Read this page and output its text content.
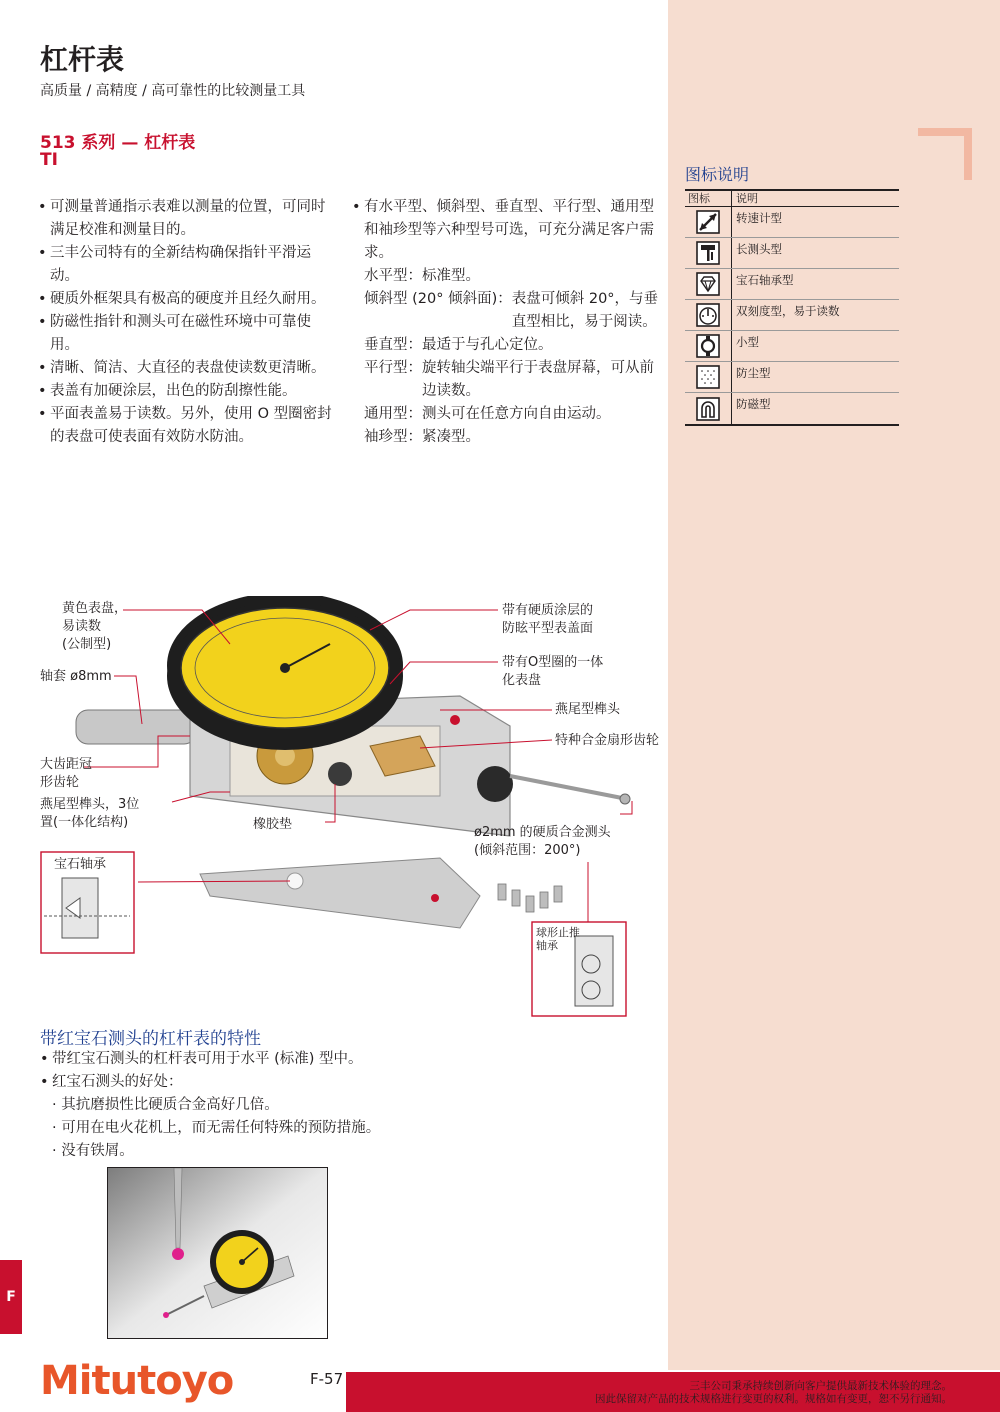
杠杆表
高质量 / 高精度 / 高可靠性的比较测量工具
513 系列 — 杠杆表
TI
• 可测量普通指示表难以测量的位置，可同时满足校准和测量目的。
• 三丰公司特有的全新结构确保指针平滑运动。
• 硬质外框架具有极高的硬度并且经久耐用。
• 防磁性指针和测头可在磁性环境中可靠使用。
• 清晰、简洁、大直径的表盘使读数更清晰。
• 表盖有加硬涂层，出色的防刮擦性能。
• 平面表盖易于读数。另外，使用 O 型圈密封的表盘可使表面有效防水防油。
• 有水平型、倾斜型、垂直型、平行型、通用型和袖珍型等六种型号可选，可充分满足客户需求。
水平型： 标准型。
倾斜型 (20° 倾斜面)： 表盘可倾斜 20°，与垂直型相比，易于阅读。
垂直型： 最适于与孔心定位。
平行型： 旋转轴尖端平行于表盘屏幕，可从前边读数。
通用型： 测头可在任意方向自由运动。
袖珍型： 紧凑型。
图标说明
图标	说明
转速计型
长测头型
宝石轴承型
双刻度型，易于读数
小型
防尘型
防磁型
黄色表盘，
易读数
(公制型)
轴套 ø8mm
大齿距冠
形齿轮
燕尾型榫头，3位
置(一体化结构)	橡胶垫
带有硬质涂层的
防眩平型表盖面
带有O型圈的一体
化表盘
燕尾型榫头
特种合金扇形齿轮
ø2mm 的硬质合金测头
(倾斜范围：200°)
宝石轴承
球形止推
轴承
带红宝石测头的杠杆表的特性
• 带红宝石测头的杠杆表可用于水平 (标准) 型中。
• 红宝石测头的好处：
· 其抗磨损性比硬质合金高好几倍。
· 可用在电火花机上，而无需任何特殊的预防措施。
· 没有铁屑。
F
Mitutoyo	F-57	三丰公司秉承持续创新向客户提供最新技术体验的理念。
因此保留对产品的技术规格进行变更的权利。规格如有变更，恕不另行通知。
